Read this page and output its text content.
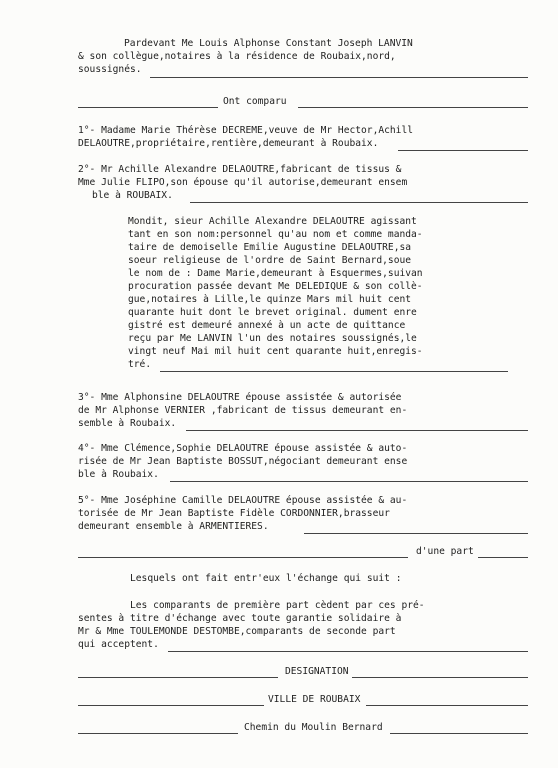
Pardevant Me Louis Alphonse Constant Joseph LANVIN
& son collègue,notaires à la résidence de Roubaix,nord,
soussignés.
Ont comparu
1°- Madame Marie Thérèse DECREME,veuve de Mr Hector,Achill
DELAOUTRE,propriétaire,rentière,demeurant à Roubaix.
2°- Mr Achille Alexandre DELAOUTRE,fabricant de tissus &
Mme Julie FLIPO,son épouse qu'il autorise,demeurant ensem
ble à ROUBAIX.
Mondit, sieur Achille Alexandre DELAOUTRE agissant
tant en son nom:personnel qu'au nom et comme manda-
taire de demoiselle Emilie Augustine DELAOUTRE,sa
soeur religieuse de l'ordre de Saint Bernard,soue
le nom de : Dame Marie,demeurant à Esquermes,suivan
procuration passée devant Me DELEDIQUE & son collè-
gue,notaires à Lille,le quinze Mars mil huit cent
quarante huit dont le brevet original. dument enre
gistré est demeuré annexé à un acte de quittance
reçu par Me LANVIN l'un des notaires soussignés,le
vingt neuf Mai mil huit cent quarante huit,enregis-
tré.
3°- Mme Alphonsine DELAOUTRE épouse assistée & autorisée
de Mr Alphonse VERNIER ,fabricant de tissus demeurant en-
semble à Roubaix.
4°- Mme Clémence,Sophie DELAOUTRE épouse assistée & auto-
risée de Mr Jean Baptiste BOSSUT,négociant demeurant ense
ble à Roubaix.
5°- Mme Joséphine Camille DELAOUTRE épouse assistée & au-
torisée de Mr Jean Baptiste Fidèle CORDONNIER,brasseur
demeurant ensemble à ARMENTIERES.
d'une part
Lesquels ont fait entr'eux l'échange qui suit :
Les comparants de première part cèdent par ces pré-
sentes à titre d'échange avec toute garantie solidaire à
Mr & Mme TOULEMONDE DESTOMBE,comparants de seconde part
qui acceptent.
DESIGNATION
VILLE DE ROUBAIX
Chemin du Moulin Bernard
